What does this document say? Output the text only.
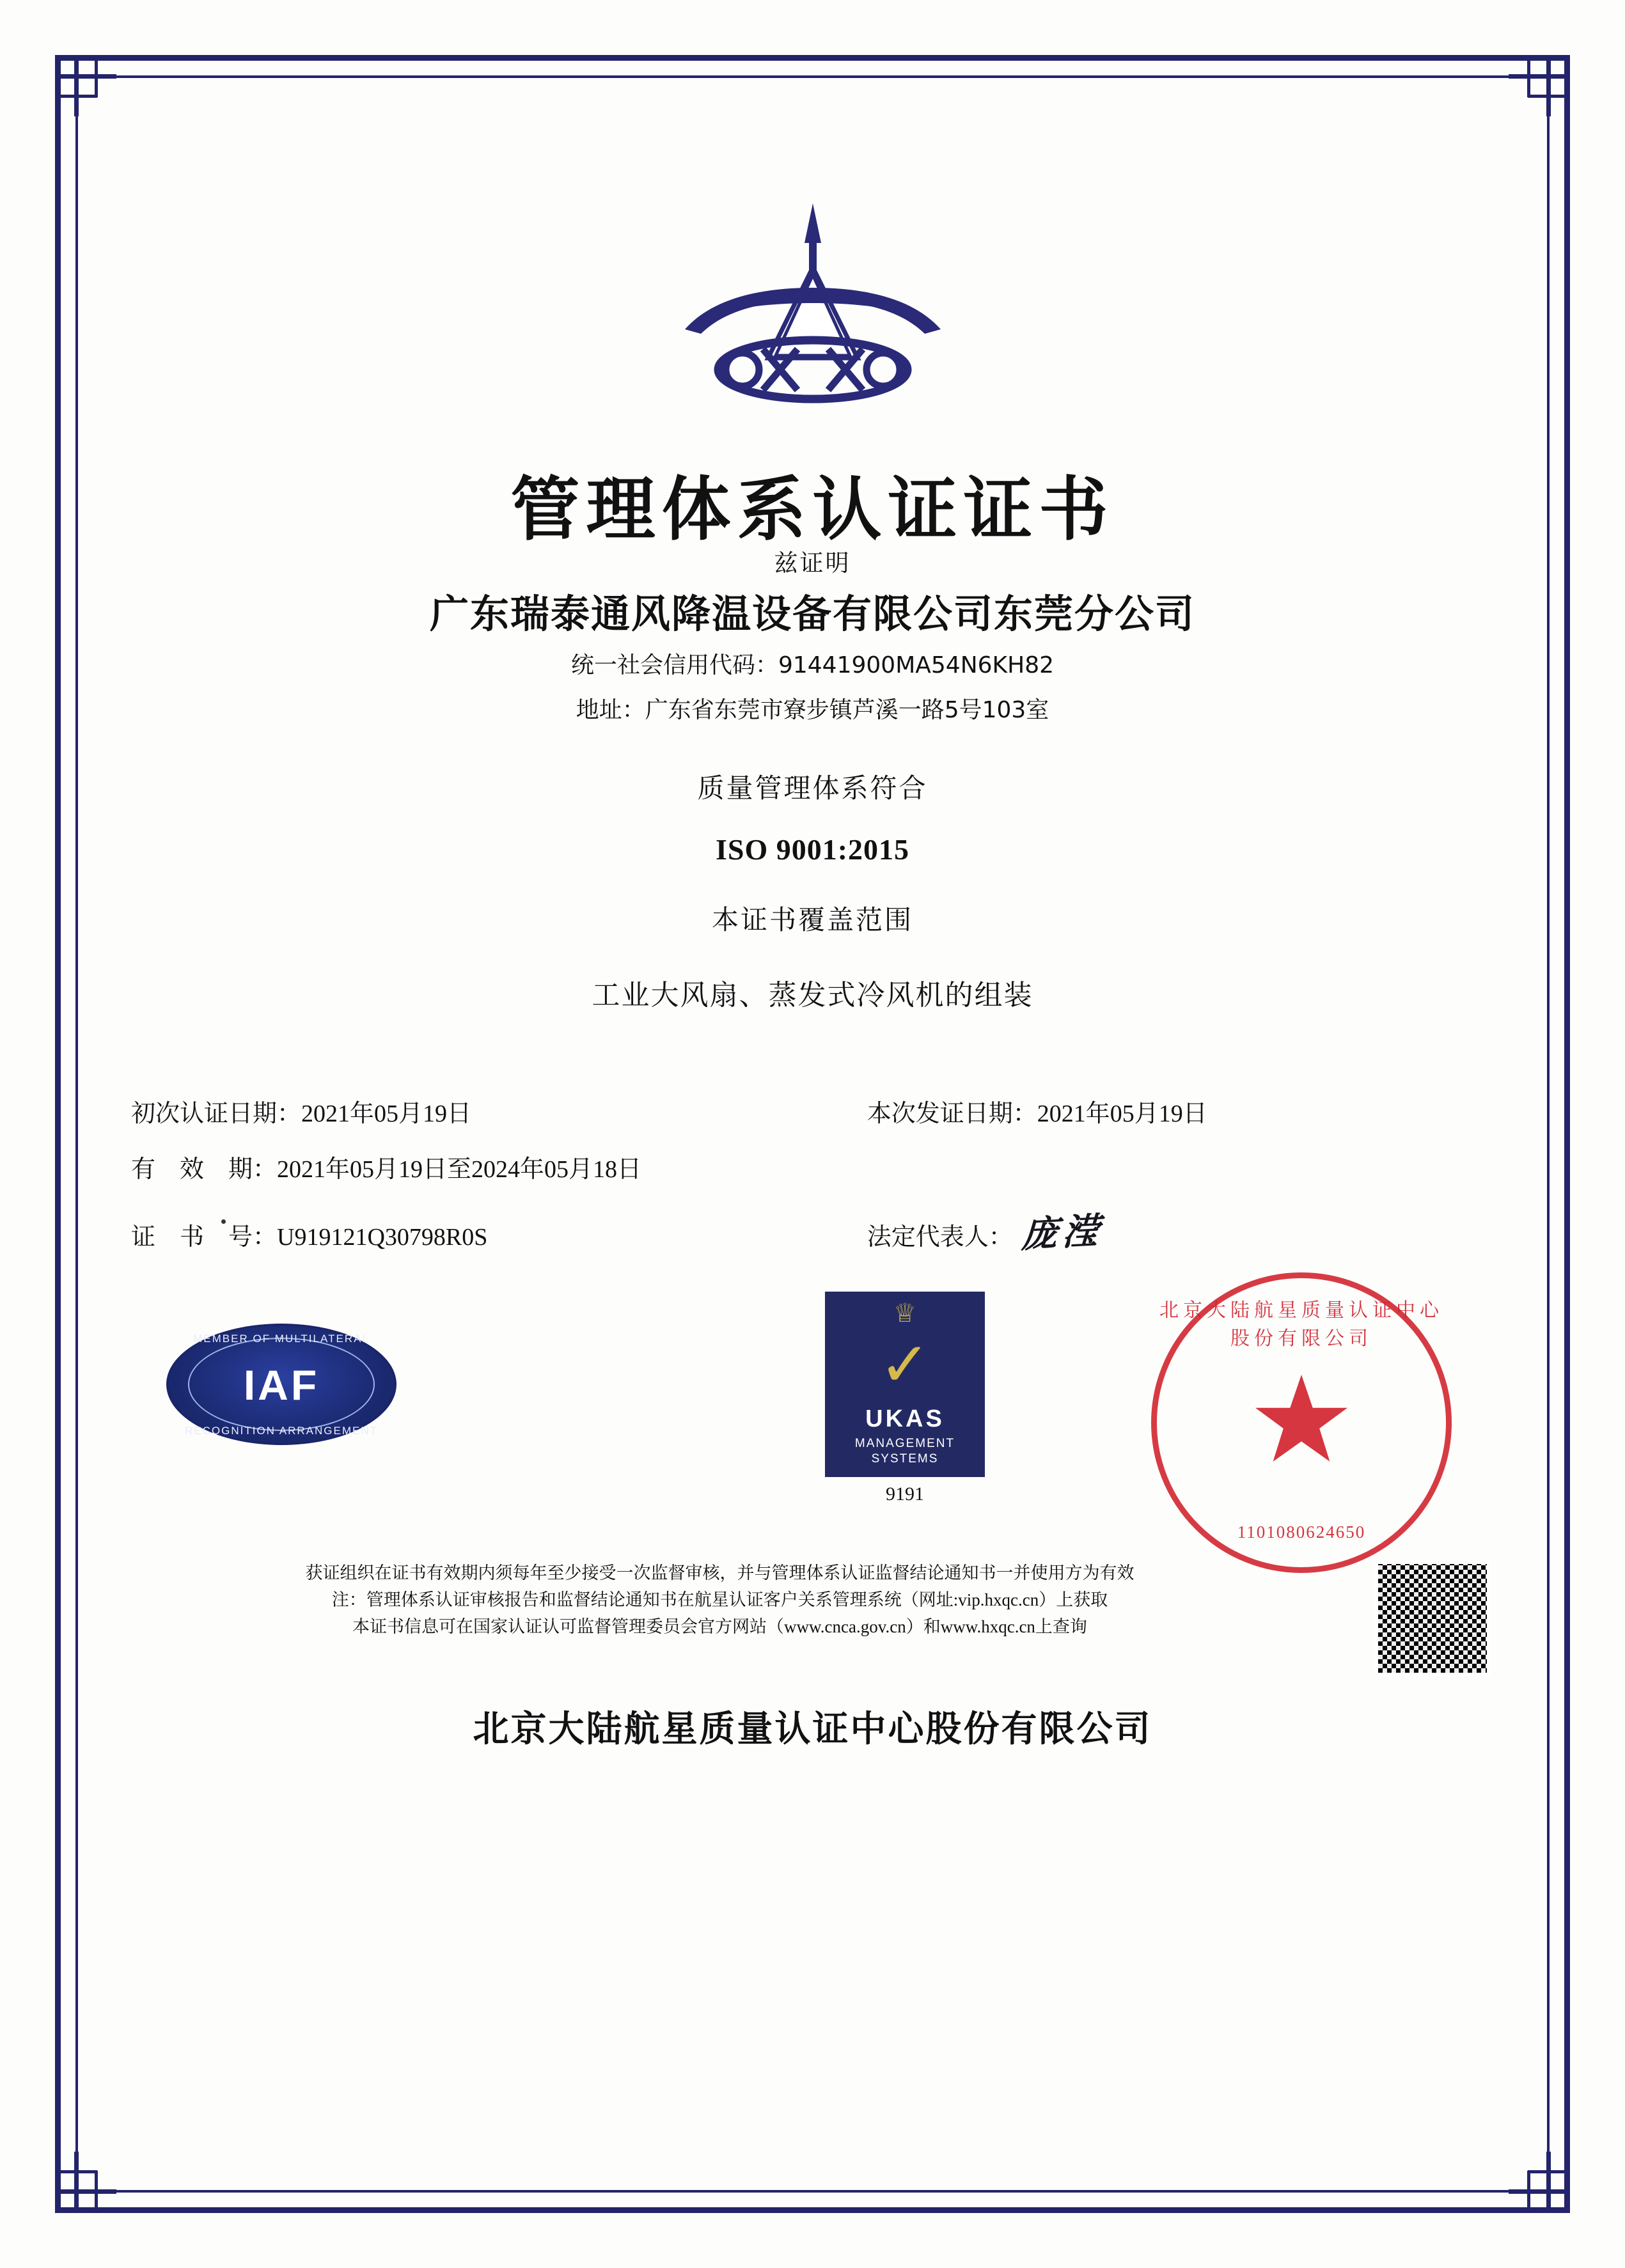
管理体系认证证书
兹证明
广东瑞泰通风降温设备有限公司东莞分公司
统一社会信用代码：91441900MA54N6KH82
地址：广东省东莞市寮步镇芦溪一路5号103室
质量管理体系符合
ISO 9001:2015
本证书覆盖范围
工业大风扇、蒸发式冷风机的组装
初次认证日期： 2021年05月19日	本次发证日期： 2021年05月19日
有    效    期： 2021年05月19日至2024年05月18日
证    书    号： U919121Q30798R0S	法定代表人： 庞滢
MEMBER OF MULTILATERAL
IAF
RECOGNITION ARRANGEMENT
♕
✓
UKAS
MANAGEMENT SYSTEMS
9191
北京大陆航星质量认证中心股份有限公司
1101080624650
获证组织在证书有效期内须每年至少接受一次监督审核，并与管理体系认证监督结论通知书一并使用方为有效
注：管理体系认证审核报告和监督结论通知书在航星认证客户关系管理系统（网址:vip.hxqc.cn）上获取
本证书信息可在国家认证认可监督管理委员会官方网站（www.cnca.gov.cn）和www.hxqc.cn上查询
北京大陆航星质量认证中心股份有限公司
